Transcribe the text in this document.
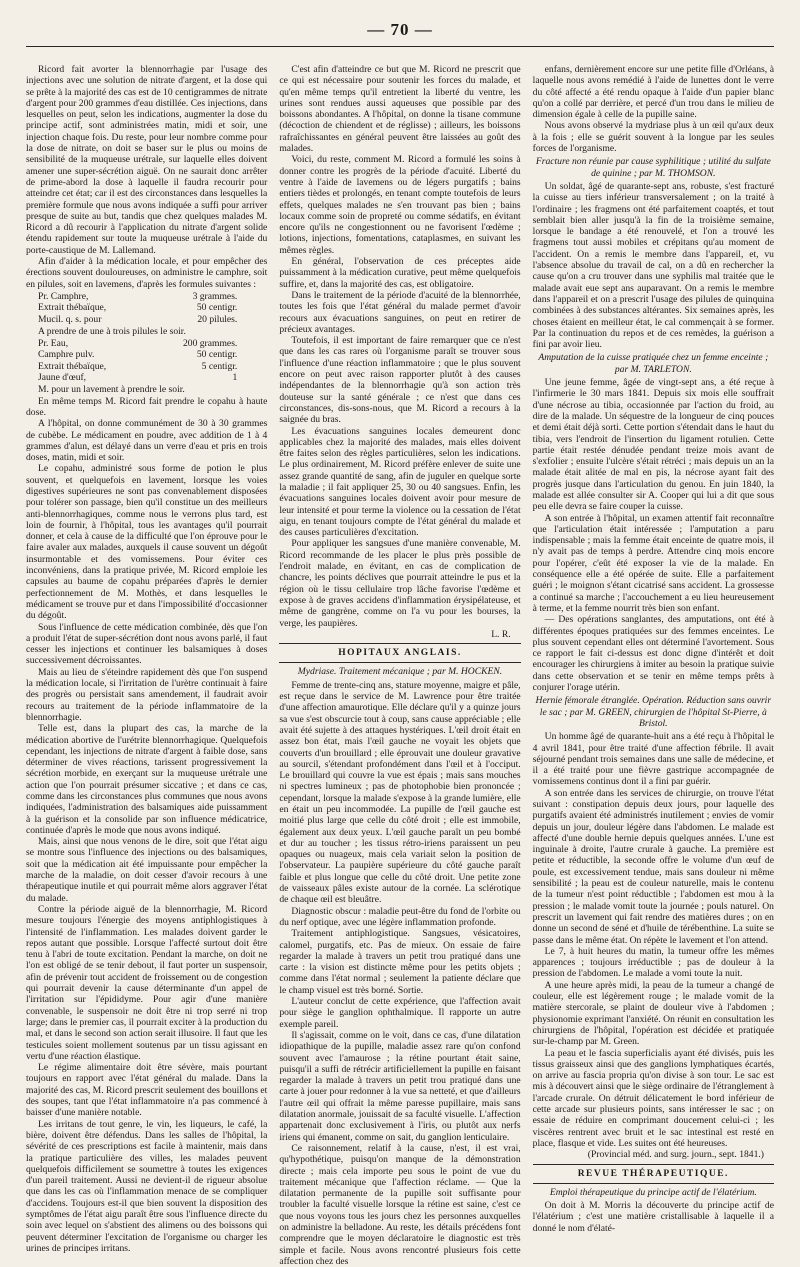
— 70 —

Ricord fait avorter la blennorrhagie par l'usage des injections avec une solution de nitrate d'argent, et la dose qui se prête à la majorité des cas est de 10 centigrammes de nitrate d'argent pour 200 grammes d'eau distillée. Ces injections, dans lesquelles on peut, selon les indications, augmenter la dose du principe actif, sont administrées matin, midi et soir, une injection chaque fois. Du reste, pour leur nombre comme pour la dose de nitrate, on doit se baser sur le plus ou moins de sensibilité de la muqueuse urétrale, sur laquelle elles doivent amener une super-sécrétion aiguë. On ne saurait donc arrêter de prime-abord la dose à laquelle il faudra recourir pour atteindre cet état; car il est des circonstances dans lesquelles la première formule que nous avons indiquée a suffi pour arriver presque de suite au but, tandis que chez quelques malades M. Ricord a dû recourir à l'application du nitrate d'argent solide étendu rapidement sur toute la muqueuse urétrale à l'aide du porte-caustique de M. Lallemand.

Afin d'aider à la médication locale, et pour empêcher des érections souvent douloureuses, on administre le camphre, soit en pilules, soit en lavemens, d'après les formules suivantes :

Pr. Camphre,	3 grammes.
Extrait thébaïque,	50 centigr.
Mucil. q. s. pour	20 pilules.

A prendre de une à trois pilules le soir.

Pr. Eau,	200 grammes.
Camphre pulv.	50 centigr.
Extrait thébaïque,	5 centigr.
Jaune d'œuf,	1

M. pour un lavement à prendre le soir.

En même temps M. Ricord fait prendre le copahu à haute dose.

A l'hôpital, on donne communément de 30 à 30 grammes de cubèbe. Le médicament en poudre, avec addition de 1 à 4 grammes d'alun, est délayé dans un verre d'eau et pris en trois doses, matin, midi et soir.

Le copahu, administré sous forme de potion le plus souvent, et quelquefois en lavement, lorsque les voies digestives supérieures ne sont pas convenablement disposées pour tolérer son passage, bien qu'il constitue un des meilleurs anti-blennorrhagiques, comme nous le verrons plus tard, est loin de fournir, à l'hôpital, tous les avantages qu'il pourrait donner, et cela à cause de la difficulté que l'on éprouve pour le faire avaler aux malades, auxquels il cause souvent un dégoût insurmontable et des vomissemens. Pour éviter ces inconvéniens, dans la pratique privée, M. Ricord emploie les capsules au baume de copahu préparées d'après le dernier perfectionnement de M. Mothès, et dans lesquelles le médicament se trouve pur et dans l'impossibilité d'occasionner du dégoût.

Sous l'influence de cette médication combinée, dès que l'on a produit l'état de super-sécrétion dont nous avons parlé, il faut cesser les injections et continuer les balsamiques à doses successivement décroissantes.

Mais au lieu de s'éteindre rapidement dès que l'on suspend la médication locale, si l'irritation de l'urètre continuait à faire des progrès ou persistait sans amendement, il faudrait avoir recours au traitement de la période inflammatoire de la blennorrhagie.

Telle est, dans la plupart des cas, la marche de la médication abortive de l'urétrite blennorrhagique. Quelquefois cependant, les injections de nitrate d'argent à faible dose, sans déterminer de vives réactions, tarissent progressivement la sécrétion morbide, en exerçant sur la muqueuse urétrale une action que l'on pourrait présumer siccative ; et dans ce cas, comme dans les circonstances plus communes que nous avons indiquées, l'administration des balsamiques aide puissamment à la guérison et la consolide par son influence médicatrice, continuée d'après le mode que nous avons indiqué.

Mais, ainsi que nous venons de le dire, soit que l'état aigu se montre sous l'influence des injections ou des balsamiques, soit que la médication ait été impuissante pour empêcher la marche de la maladie, on doit cesser d'avoir recours à une thérapeutique inutile et qui pourrait même alors aggraver l'état du malade.

Contre la période aiguë de la blennorrhagie, M. Ricord mesure toujours l'énergie des moyens antiphlogistiques à l'intensité de l'inflammation. Les malades doivent garder le repos autant que possible. Lorsque l'affecté surtout doit être tenu à l'abri de toute excitation. Pendant la marche, on doit ne l'on est obligé de se tenir debout, il faut porter un suspensoir, afin de prévenir tout accident de froissement ou de congestion qui pourrait devenir la cause déterminante d'un appel de l'irritation sur l'épididyme. Pour agir d'une manière convenable, le suspensoir ne doit être ni trop serré ni trop large; dans le premier cas, il pourrait exciter à la production du mal, et dans le second son action serait illusoire. Il faut que les testicules soient mollement soutenus par un tissu agissant en vertu d'une réaction élastique.

Le régime alimentaire doit être sévère, mais pourtant toujours en rapport avec l'état général du malade. Dans la majorité des cas, M. Ricord prescrit seulement des bouillons et des soupes, tant que l'état inflammatoire n'a pas commencé à baisser d'une manière notable.

Les irritans de tout genre, le vin, les liqueurs, le café, la bière, doivent être défendus. Dans les salles de l'hôpital, la sévérité de ces prescriptions est facile à maintenir, mais dans la pratique particulière des villes, les malades peuvent quelquefois difficilement se soumettre à toutes les exigences d'un pareil traitement. Aussi ne devient-il de rigueur absolue que dans les cas où l'inflammation menace de se compliquer d'accidens. Toujours est-il que bien souvent la disposition des symptômes de l'état aigu paraît être sous l'influence directe du soin avec lequel on s'abstient des alimens ou des boissons qui peuvent déterminer l'excitation de l'organisme ou charger les urines de principes irritans.

C'est afin d'atteindre ce but que M. Ricord ne prescrit que ce qui est nécessaire pour soutenir les forces du malade, et qu'en même temps qu'il entretient la liberté du ventre, les urines sont rendues aussi aqueuses que possible par des boissons abondantes. A l'hôpital, on donne la tisane commune (décoction de chiendent et de réglisse) ; ailleurs, les boissons rafraîchissantes en général peuvent être laissées au goût des malades.

Voici, du reste, comment M. Ricord a formulé les soins à donner contre les progrès de la période d'acuité. Liberté du ventre à l'aide de lavemens ou de légers purgatifs ; bains entiers tièdes et prolongés, en tenant compte toutefois de leurs effets, quelques malades ne s'en trouvant pas bien ; bains locaux comme soin de propreté ou comme sédatifs, en évitant encore qu'ils ne congestionnent ou ne favorisent l'œdème ; lotions, injections, fomentations, cataplasmes, en suivant les mêmes règles.

En général, l'observation de ces préceptes aide puissamment à la médication curative, peut même quelquefois suffire, et, dans la majorité des cas, est obligatoire.

Dans le traitement de la période d'acuité de la blennorrhée, toutes les fois que l'état général du malade permet d'avoir recours aux évacuations sanguines, on peut en retirer de précieux avantages.

Toutefois, il est important de faire remarquer que ce n'est que dans les cas rares où l'organisme paraît se trouver sous l'influence d'une réaction inflammatoire ; que le plus souvent encore on peut avec raison rapporter plutôt à des causes indépendantes de la blennorrhagie qu'à son action très douteuse sur la santé générale ; ce n'est que dans ces circonstances, dis-sons-nous, que M. Ricord a recours à la saignée du bras.

Les évacuations sanguines locales demeurent donc applicables chez la majorité des malades, mais elles doivent être faites selon des règles particulières, selon les indications. Le plus ordinairement, M. Ricord préfère enlever de suite une assez grande quantité de sang, afin de juguler en quelque sorte la maladie ; il fait appliquer 25, 30 ou 40 sangsues. Enfin, les évacuations sanguines locales doivent avoir pour mesure de leur intensité et pour terme la violence ou la cessation de l'état aigu, en tenant toujours compte de l'état général du malade et des causes particulières d'excitation.

Pour appliquer les sangsues d'une manière convenable, M. Ricord recommande de les placer le plus près possible de l'endroit malade, en évitant, en cas de complication de chancre, les points déclives que pourrait atteindre le pus et la région où le tissu cellulaire trop lâche favorise l'œdème et expose à de graves accidens d'inflammation érysipélateuse, et même de gangrène, comme on l'a vu pour les bourses, la verge, les paupières.

L. R.
HOPITAUX ANGLAIS.
Mydriase. Traitement mécanique ; par M. HOCKEN.

Femme de trente-cinq ans, stature moyenne, maigre et pâle, est reçue dans le service de M. Lawrence pour être traitée d'une affection amaurotique. Elle déclare qu'il y a quinze jours sa vue s'est obscurcie tout à coup, sans cause appréciable ; elle avait été sujette à des attaques hystériques. L'œil droit était en assez bon état, mais l'œil gauche ne voyait les objets que couverts d'un brouillard ; elle éprouvait une douleur gravative au sourcil, s'étendant profondément dans l'œil et à l'occiput. Le brouillard qui couvre la vue est épais ; mais sans mouches ni spectres lumineux ; pas de photophobie bien prononcée ; cependant, lorsque la malade s'expose à la grande lumière, elle en était un peu incommodée. La pupille de l'œil gauche est moitié plus large que celle du côté droit ; elle est immobile, également aux deux yeux. L'œil gauche paraît un peu bombé et dur au toucher ; les tissus rétro-iriens paraissent un peu opaques ou nuageux, mais cela variait selon la position de l'observateur. La paupière supérieure du côté gauche paraît faible et plus longue que celle du côté droit. Une petite zone de vaisseaux pâles existe autour de la cornée. La sclérotique de chaque œil est bleuâtre.

Diagnostic obscur : maladie peut-être du fond de l'orbite ou du nerf optique, avec une légère inflammation profonde.

Traitement antiphlogistique. Sangsues, vésicatoires, calomel, purgatifs, etc. Pas de mieux. On essaie de faire regarder la malade à travers un petit trou pratiqué dans une carte : la vision est distincte même pour les petits objets ; comme dans l'état normal ; seulement la patiente déclare que le champ visuel est très borné. Sortie.

L'auteur conclut de cette expérience, que l'affection avait pour siège le ganglion ophthalmique. Il rapporte un autre exemple pareil.

Il s'agissait, comme on le voit, dans ce cas, d'une dilatation idiopathique de la pupille, maladie assez rare qu'on confond souvent avec l'amaurose ; la rétine pourtant était saine, puisqu'il a suffi de rétrécir artificiellement la pupille en faisant regarder la malade à travers un petit trou pratiqué dans une carte à jouer pour redonner à la vue sa netteté, et que d'ailleurs l'autre œil qui offrait la même paresse pupillaire, mais sans dilatation anormale, jouissait de sa faculté visuelle. L'affection appartenait donc exclusivement à l'iris, ou plutôt aux nerfs iriens qui émanent, comme on sait, du ganglion lenticulaire.

Ce raisonnement, relatif à la cause, n'est, il est vrai, qu'hypothétique, puisqu'on manque de la démonstration directe ; mais cela importe peu sous le point de vue du traitement mécanique que l'affection réclame. — Que la dilatation permanente de la pupille soit suffisante pour troubler la faculté visuelle lorsque la rétine est saine, c'est ce que nous voyons tous les jours chez les personnes auxquelles on administre la belladone. Au reste, les détails précédens font comprendre que le moyen déclaratoire le diagnostic est très simple et facile. Nous avons rencontré plusieurs fois cette affection chez des

enfans, dernièrement encore sur une petite fille d'Orléans, à laquelle nous avons remédié à l'aide de lunettes dont le verre du côté affecté a été rendu opaque à l'aide d'un papier blanc qu'on a collé par derrière, et percé d'un trou dans le milieu de dimension égale à celle de la pupille saine.

Nous avons observé la mydriase plus à un œil qu'aux deux à la fois ; elle se guérit souvent à la longue par les seules forces de l'organisme.

Fracture non réunie par cause syphilitique ; utilité du sulfate de quinine ; par M. THOMSON.

Un soldat, âgé de quarante-sept ans, robuste, s'est fracturé la cuisse au tiers inférieur transversalement ; on la traité à l'ordinaire ; les fragmens ont été parfaitement coaptés, et tout semblait bien aller jusqu'à la fin de la troisième semaine, lorsque le bandage a été renouvelé, et l'on a trouvé les fragmens tout aussi mobiles et crépitans qu'au moment de l'accident. On a remis le membre dans l'appareil, et, vu l'absence absolue du travail de cal, on a dû en rechercher la cause qu'on a cru trouver dans une syphilis mal traitée que le malade avait eue sept ans auparavant. On a remis le membre dans l'appareil et on a prescrit l'usage des pilules de quinquina combinées à des substances altérantes. Six semaines après, les choses étaient en meilleur état, le cal commençait à se former. Par la continuation du repos et de ces remèdes, la guérison a fini par avoir lieu.

Amputation de la cuisse pratiquée chez un femme enceinte ; par M. TARLETON.

Une jeune femme, âgée de vingt-sept ans, a été reçue à l'infirmerie le 30 mars 1841. Depuis six mois elle souffrait d'une nécrose au tibia, occasionnée par l'action du froid, au dire de la malade. Un séquestre de la longueur de cinq pouces et demi était déjà sorti. Cette portion s'étendait dans le haut du tibia, vers l'endroit de l'insertion du ligament rotulien. Cette partie était restée dénudée pendant treize mois avant de s'exfolier ; ensuite l'ulcère s'était rétréci ; mais depuis un an la malade était alitée de mal en pis, la nécrose ayant fait des progrès jusque dans l'articulation du genou. En juin 1840, la malade est allée consulter sir A. Cooper qui lui a dit que sous peu elle devra se faire couper la cuisse.

A son entrée à l'hôpital, un examen attentif fait reconnaître que l'articulation était intéressée ; l'amputation a paru indispensable ; mais la femme était enceinte de quatre mois, il n'y avait pas de temps à perdre. Attendre cinq mois encore pour l'opérer, c'eût été exposer la vie de la malade. En conséquence elle a été opérée de suite. Elle a parfaitement guéri ; le moignon s'étant cicatrisé sans accident. La grossesse a continué sa marche ; l'accouchement a eu lieu heureusement à terme, et la femme nourrit très bien son enfant.

— Des opérations sanglantes, des amputations, ont été à différentes époques pratiquées sur des femmes enceintes. Le plus souvent cependant elles ont déterminé l'avortement. Sous ce rapport le fait ci-dessus est donc digne d'intérêt et doit encourager les chirurgiens à imiter au besoin la pratique suivie dans cette observation et se tenir en même temps prêts à conjurer l'orage utérin.

Hernie fémorale étranglée. Opération. Réduction sans ouvrir le sac ; par M. GREEN, chirurgien de l'hôpital St-Pierre, à Bristol.

Un homme âgé de quarante-huit ans a été reçu à l'hôpital le 4 avril 1841, pour être traité d'une affection fébrile. Il avait séjourné pendant trois semaines dans une salle de médecine, et il a été traité pour une fièvre gastrique accompagnée de vomissemens continus dont il a fini par guérir.

A son entrée dans les services de chirurgie, on trouve l'état suivant : constipation depuis deux jours, pour laquelle des purgatifs avaient été administrés inutilement ; envies de vomir depuis un jour, douleur légère dans l'abdomen. Le malade est affecté d'une double hernie depuis quelques années. L'une est inguinale à droite, l'autre crurale à gauche. La première est petite et réductible, la seconde offre le volume d'un œuf de poule, est excessivement tendue, mais sans douleur ni même sensibilité ; la peau est de couleur naturelle, mais le contenu de la tumeur n'est point réductible ; l'abdomen est mou à la pression ; le malade vomit toute la journée ; pouls naturel. On prescrit un lavement qui fait rendre des matières dures ; on en donne un second de séné et d'huile de térébenthine. La suite se passe dans le même état. On répète le lavement et l'on attend.

Le 7, à huit heures du matin, la tumeur offre les mêmes apparences ; toujours irréductible ; pas de douleur à la pression de l'abdomen. Le malade a vomi toute la nuit.

A une heure après midi, la peau de la tumeur a changé de couleur, elle est légèrement rouge ; le malade vomit de la matière stercorale, se plaint de douleur vive à l'abdomen ; physionomie exprimant l'anxiété. On réunit en consultation les chirurgiens de l'hôpital, l'opération est décidée et pratiquée sur-le-champ par M. Green.

La peau et le fascia superficialis ayant été divisés, puis les tissus graisseux ainsi que des ganglions lymphatiques écartés, on arrive au fascia propria qu'on divise à son tour. Le sac est mis à découvert ainsi que le siège ordinaire de l'étranglement à l'arcade crurale. On détruit délicatement le bord inférieur de cette arcade sur plusieurs points, sans intéresser le sac ; on essaie de réduire en comprimant doucement celui-ci ; les viscères rentrent avec bruit et le sac intestinal est resté en place, flasque et vide. Les suites ont été heureuses.

(Provincial méd. and surg. journ., sept. 1841.)
REVUE THÉRAPEUTIQUE.
Emploi thérapeutique du principe actif de l'élatérium.

On doit à M. Morris la découverte du principe actif de l'élatérium ; c'est une matière cristallisable à laquelle il a donné le nom d'élaté-
